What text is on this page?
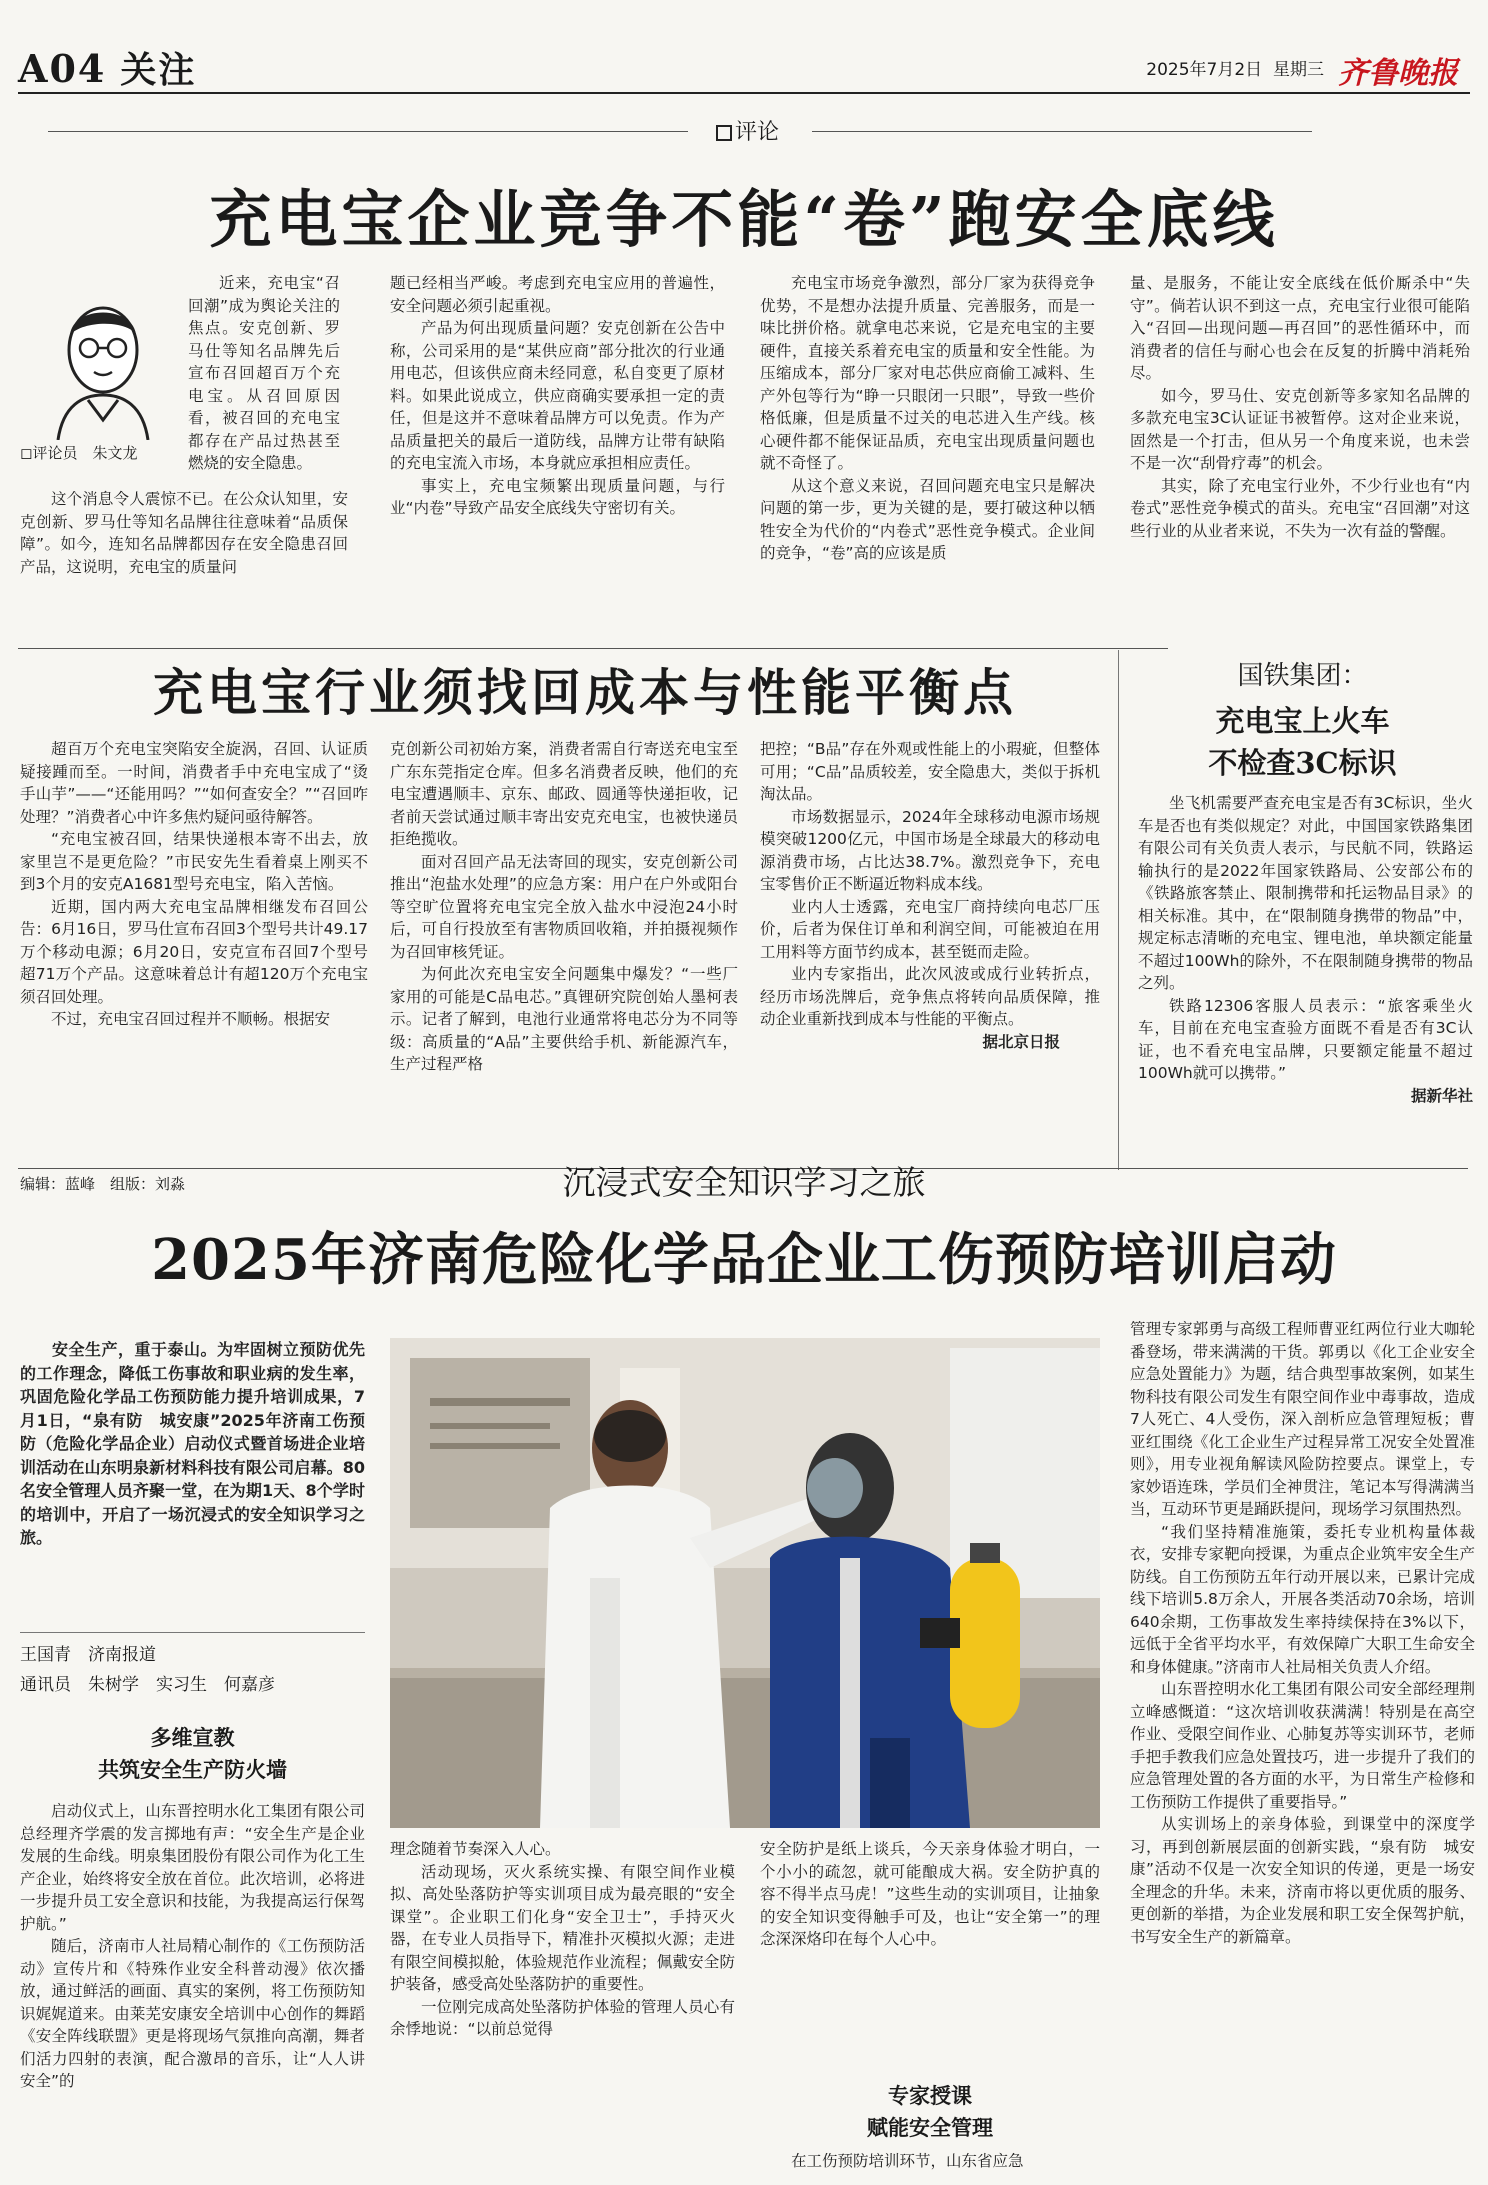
A04 关注	2025年7月2日 星期三 齐鲁晚报
评论
充电宝企业竞争不能“卷”跑安全底线
◻评论员　朱文龙

近来，充电宝“召回潮”成为舆论关注的焦点。安克创新、罗马仕等知名品牌先后宣布召回超百万个充电宝。从召回原因看，被召回的充电宝都存在产品过热甚至燃烧的安全隐患。

这个消息令人震惊不已。在公众认知里，安克创新、罗马仕等知名品牌往往意味着“品质保障”。如今，连知名品牌都因存在安全隐患召回产品，这说明，充电宝的质量问

题已经相当严峻。考虑到充电宝应用的普遍性，安全问题必须引起重视。

产品为何出现质量问题？安克创新在公告中称，公司采用的是“某供应商”部分批次的行业通用电芯，但该供应商未经同意，私自变更了原材料。如果此说成立，供应商确实要承担一定的责任，但是这并不意味着品牌方可以免责。作为产品质量把关的最后一道防线，品牌方让带有缺陷的充电宝流入市场，本身就应承担相应责任。

事实上，充电宝频繁出现质量问题，与行业“内卷”导致产品安全底线失守密切有关。

充电宝市场竞争激烈，部分厂家为获得竞争优势，不是想办法提升质量、完善服务，而是一味比拼价格。就拿电芯来说，它是充电宝的主要硬件，直接关系着充电宝的质量和安全性能。为压缩成本，部分厂家对电芯供应商偷工减料、生产外包等行为“睁一只眼闭一只眼”，导致一些价格低廉，但是质量不过关的电芯进入生产线。核心硬件都不能保证品质，充电宝出现质量问题也就不奇怪了。

从这个意义来说，召回问题充电宝只是解决问题的第一步，更为关键的是，要打破这种以牺牲安全为代价的“内卷式”恶性竞争模式。企业间的竞争，“卷”高的应该是质

量、是服务，不能让安全底线在低价厮杀中“失守”。倘若认识不到这一点，充电宝行业很可能陷入“召回—出现问题—再召回”的恶性循环中，而消费者的信任与耐心也会在反复的折腾中消耗殆尽。

如今，罗马仕、安克创新等多家知名品牌的多款充电宝3C认证证书被暂停。这对企业来说，固然是一个打击，但从另一个角度来说，也未尝不是一次“刮骨疗毒”的机会。

其实，除了充电宝行业外，不少行业也有“内卷式”恶性竞争模式的苗头。充电宝“召回潮”对这些行业的从业者来说，不失为一次有益的警醒。

充电宝行业须找回成本与性能平衡点

超百万个充电宝突陷安全旋涡，召回、认证质疑接踵而至。一时间，消费者手中充电宝成了“烫手山芋”——“还能用吗？”“如何查安全？”“召回咋处理？”消费者心中许多焦灼疑问亟待解答。

“充电宝被召回，结果快递根本寄不出去，放家里岂不是更危险？”市民安先生看着桌上刚买不到3个月的安克A1681型号充电宝，陷入苦恼。

近期，国内两大充电宝品牌相继发布召回公告：6月16日，罗马仕宣布召回3个型号共计49.17万个移动电源；6月20日，安克宣布召回7个型号超71万个产品。这意味着总计有超120万个充电宝须召回处理。

不过，充电宝召回过程并不顺畅。根据安

克创新公司初始方案，消费者需自行寄送充电宝至广东东莞指定仓库。但多名消费者反映，他们的充电宝遭遇顺丰、京东、邮政、圆通等快递拒收，记者前天尝试通过顺丰寄出安克充电宝，也被快递员拒绝揽收。

面对召回产品无法寄回的现实，安克创新公司推出“泡盐水处理”的应急方案：用户在户外或阳台等空旷位置将充电宝完全放入盐水中浸泡24小时后，可自行投放至有害物质回收箱，并拍摄视频作为召回审核凭证。

为何此次充电宝安全问题集中爆发？“一些厂家用的可能是C品电芯。”真锂研究院创始人墨柯表示。记者了解到，电池行业通常将电芯分为不同等级：高质量的“A品”主要供给手机、新能源汽车，生产过程严格

把控；“B品”存在外观或性能上的小瑕疵，但整体可用；“C品”品质较差，安全隐患大，类似于拆机淘汰品。

市场数据显示，2024年全球移动电源市场规模突破1200亿元，中国市场是全球最大的移动电源消费市场，占比达38.7%。激烈竞争下，充电宝零售价正不断逼近物料成本线。

业内人士透露，充电宝厂商持续向电芯厂压价，后者为保住订单和利润空间，可能被迫在用工用料等方面节约成本，甚至铤而走险。

业内专家指出，此次风波或成行业转折点，经历市场洗牌后，竞争焦点将转向品质保障，推动企业重新找到成本与性能的平衡点。

据北京日报
国铁集团：
充电宝上火车
不检查3C标识

坐飞机需要严查充电宝是否有3C标识，坐火车是否也有类似规定？对此，中国国家铁路集团有限公司有关负责人表示，与民航不同，铁路运输执行的是2022年国家铁路局、公安部公布的《铁路旅客禁止、限制携带和托运物品目录》的相关标准。其中，在“限制随身携带的物品”中，规定标志清晰的充电宝、锂电池，单块额定能量不超过100Wh的除外，不在限制随身携带的物品之列。

铁路12306客服人员表示：“旅客乘坐火车，目前在充电宝查验方面既不看是否有3C认证，也不看充电宝品牌，只要额定能量不超过100Wh就可以携带。”

据新华社
编辑：蓝峰　组版：刘淼	沉浸式安全知识学习之旅
2025年济南危险化学品企业工伤预防培训启动

安全生产，重于泰山。为牢固树立预防优先的工作理念，降低工伤事故和职业病的发生率，巩固危险化学品工伤预防能力提升培训成果，7月1日，“泉有防　城安康”2025年济南工伤预防（危险化学品企业）启动仪式暨首场进企业培训活动在山东明泉新材料科技有限公司启幕。80名安全管理人员齐聚一堂，在为期1天、8个学时的培训中，开启了一场沉浸式的安全知识学习之旅。

王国青　济南报道
通讯员　朱树学　实习生　何嘉彦
多维宣教
共筑安全生产防火墙

启动仪式上，山东晋控明水化工集团有限公司总经理齐学震的发言掷地有声：“安全生产是企业发展的生命线。明泉集团股份有限公司作为化工生产企业，始终将安全放在首位。此次培训，必将进一步提升员工安全意识和技能，为我提高运行保驾护航。”

随后，济南市人社局精心制作的《工伤预防活动》宣传片和《特殊作业安全科普动漫》依次播放，通过鲜活的画面、真实的案例，将工伤预防知识娓娓道来。由莱芜安康安全培训中心创作的舞蹈《安全阵线联盟》更是将现场气氛推向高潮，舞者们活力四射的表演，配合激昂的音乐，让“人人讲安全”的

理念随着节奏深入人心。

活动现场，灭火系统实操、有限空间作业模拟、高处坠落防护等实训项目成为最亮眼的“安全课堂”。企业职工们化身“安全卫士”，手持灭火器，在专业人员指导下，精准扑灭模拟火源；走进有限空间模拟舱，体验规范作业流程；佩戴安全防护装备，感受高处坠落防护的重要性。

一位刚完成高处坠落防护体验的管理人员心有余悸地说：“以前总觉得

安全防护是纸上谈兵，今天亲身体验才明白，一个小小的疏忽，就可能酿成大祸。安全防护真的容不得半点马虎！”这些生动的实训项目，让抽象的安全知识变得触手可及，也让“安全第一”的理念深深烙印在每个人心中。

专家授课
赋能安全管理

在工伤预防培训环节，山东省应急

管理专家郭勇与高级工程师曹亚红两位行业大咖轮番登场，带来满满的干货。郭勇以《化工企业安全应急处置能力》为题，结合典型事故案例，如某生物科技有限公司发生有限空间作业中毒事故，造成7人死亡、4人受伤，深入剖析应急管理短板；曹亚红围绕《化工企业生产过程异常工况安全处置准则》，用专业视角解读风险防控要点。课堂上，专家妙语连珠，学员们全神贯注，笔记本写得满满当当，互动环节更是踊跃提问，现场学习氛围热烈。

“我们坚持精准施策，委托专业机构量体裁衣，安排专家靶向授课，为重点企业筑牢安全生产防线。自工伤预防五年行动开展以来，已累计完成线下培训5.8万余人，开展各类活动70余场，培训640余期，工伤事故发生率持续保持在3%以下，远低于全省平均水平，有效保障广大职工生命安全和身体健康。”济南市人社局相关负责人介绍。

山东晋控明水化工集团有限公司安全部经理荆立峰感慨道：“这次培训收获满满！特别是在高空作业、受限空间作业、心肺复苏等实训环节，老师手把手教我们应急处置技巧，进一步提升了我们的应急管理处置的各方面的水平，为日常生产检修和工伤预防工作提供了重要指导。”

从实训场上的亲身体验，到课堂中的深度学习，再到创新展层面的创新实践，“泉有防　城安康”活动不仅是一次安全知识的传递，更是一场安全理念的升华。未来，济南市将以更优质的服务、更创新的举措，为企业发展和职工安全保驾护航，书写安全生产的新篇章。
